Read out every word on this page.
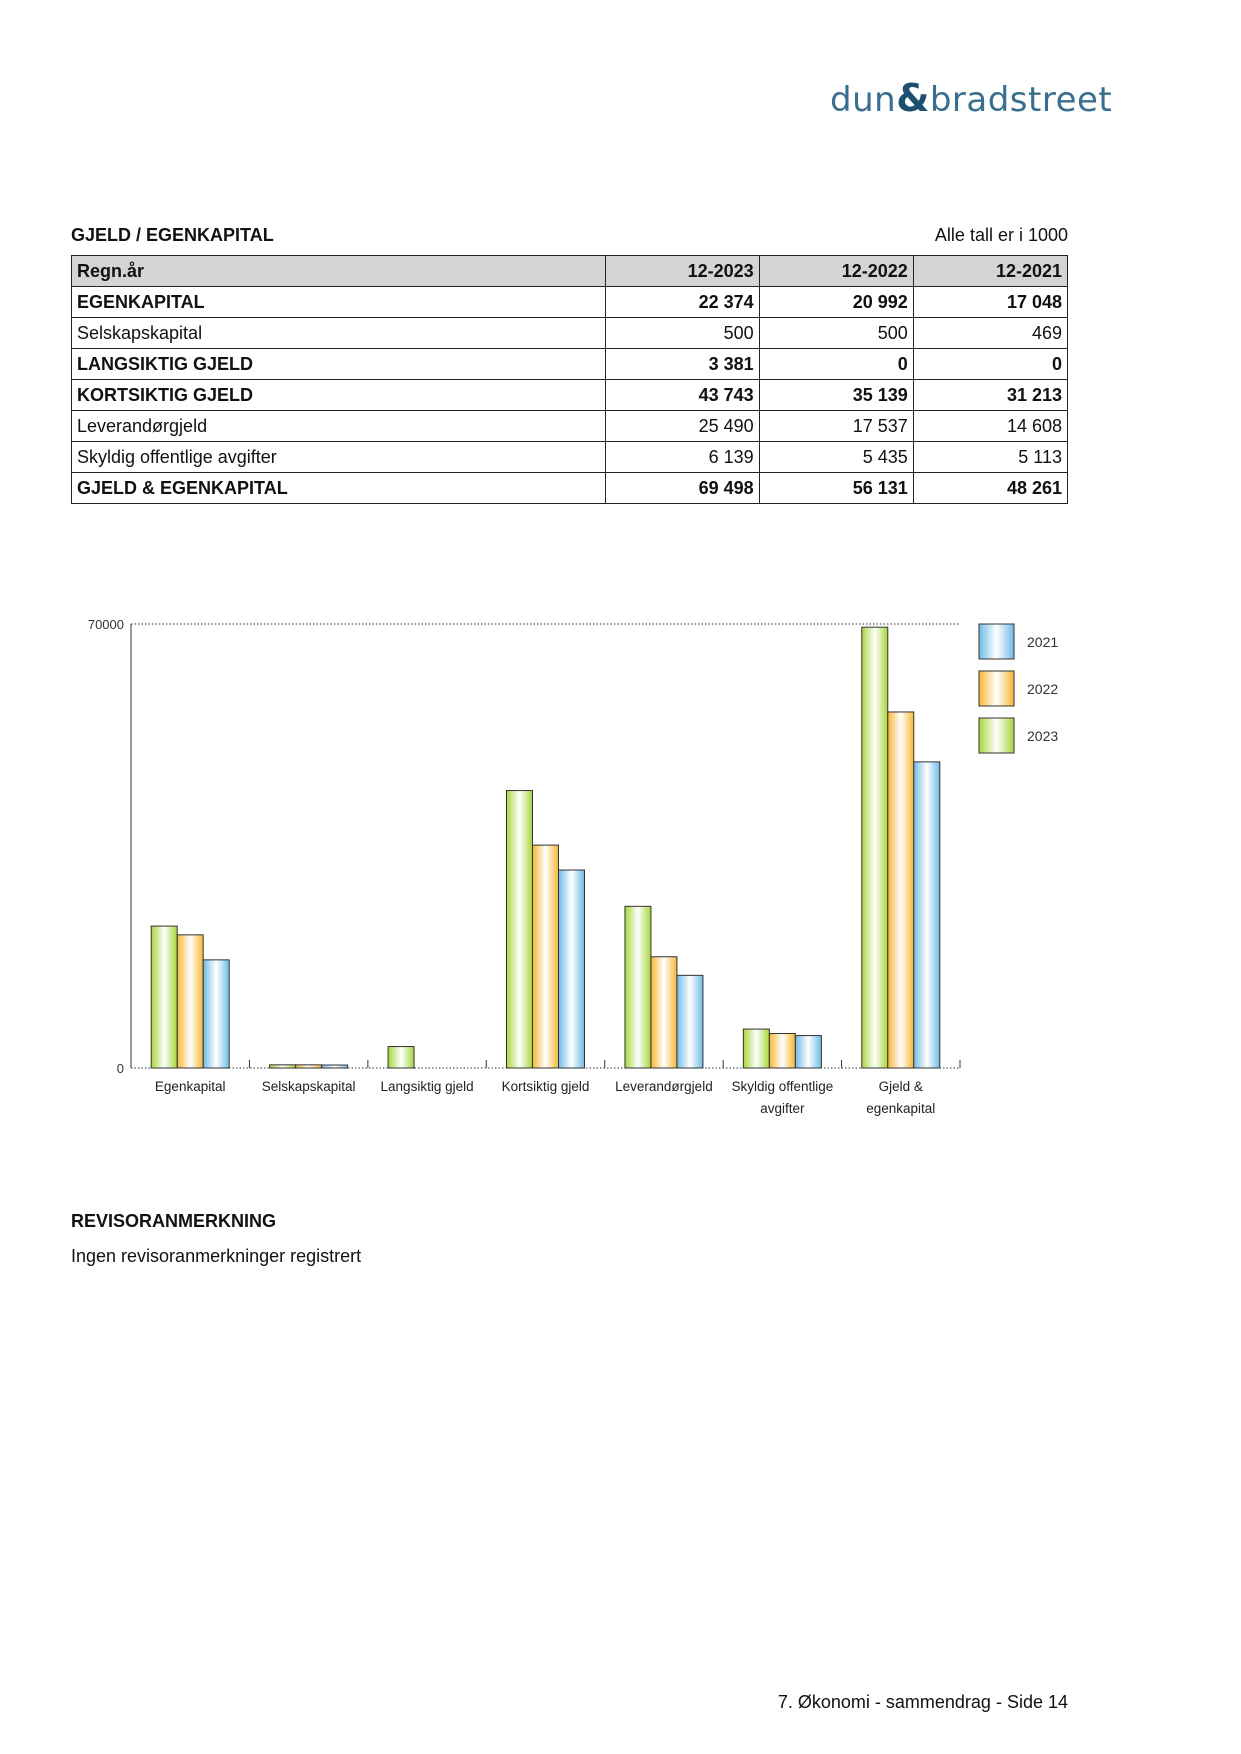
dun&bradstreet
GJELD / EGENKAPITAL	Alle tall er i 1000
Regn.år	12-2023	12-2022	12-2021
EGENKAPITAL	22 374	20 992	17 048
Selskapskapital	500	500	469
LANGSIKTIG GJELD	3 381	0	0
KORTSIKTIG GJELD	43 743	35 139	31 213
Leverandørgjeld	25 490	17 537	14 608
Skyldig offentlige avgifter	6 139	5 435	5 113
GJELD & EGENKAPITAL	69 498	56 131	48 261
0
70000
Egenkapital	Selskapskapital Langsiktig gjeld Kortsiktig gjeld Leverandørgjeld Skyldig offentlige
avgifter
Gjeld &
egenkapital
2021
2022
2023
REVISORANMERKNING
Ingen revisoranmerkninger registrert
7. Økonomi - sammendrag - Side 14
